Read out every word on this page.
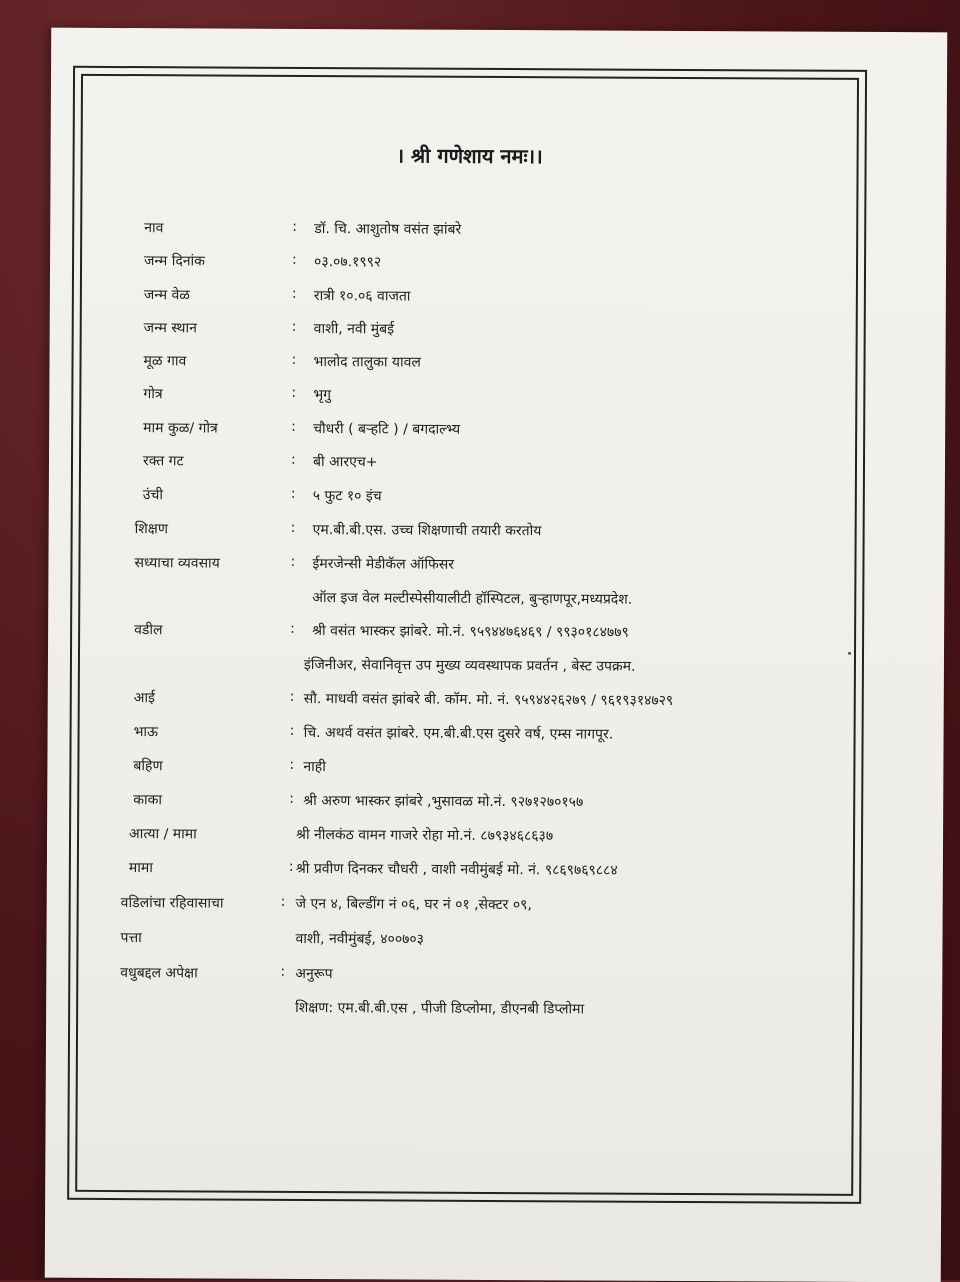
। श्री गणेशाय नमः।।
नाव	: डॉ. चि. आशुतोष वसंत झांबरे
जन्म दिनांक	: ०३.०७.१९९२
जन्म वेळ	: रात्री १०.०६ वाजता
जन्म स्थान	: वाशी, नवी मुंबई
मूळ गाव	: भालोद तालुका यावल
गोत्र	: भृगु
माम कुळ/ गोत्र	: चौधरी ( बऱ्हटि ) / बगदाल्भ्य
रक्त गट	: बी आरएच+
उंची	: ५ फुट १० इंच
शिक्षण	: एम.बी.बी.एस. उच्च शिक्षणाची तयारी करतोय
सध्याचा व्यवसाय	: ईमरजेन्सी मेडीकॅल ऑफिसर
ऑल इज वेल मल्टीस्पेसीयालीटी हॉस्पिटल, बुऱ्हाणपूर,मध्यप्रदेश.
वडील	: श्री वसंत भास्कर झांबरे. मो.नं. ९५९४४७६४६९ / ९९३०१८४७७९
इंजिनीअर, सेवानिवृत्त उप मुख्य व्यवस्थापक प्रवर्तन , बेस्ट उपक्रम.
आई	: सौ. माधवी वसंत झांबरे बी. कॉम. मो. नं. ९५९४४२६२७९ / ९६१९३१४७२९
भाऊ	: चि. अथर्व वसंत झांबरे. एम.बी.बी.एस दुसरे वर्ष, एम्स नागपूर.
बहिण	: नाही
काका	: श्री अरुण भास्कर झांबरे ,भुसावळ मो.नं. ९२७१२७०१५७
आत्या / मामा	श्री नीलकंठ वामन गाजरे रोहा मो.नं. ८७९३४६८६३७
मामा	: श्री प्रवीण दिनकर चौधरी , वाशी नवीमुंबई मो. नं. ९८६९७६९८८४
वडिलांचा रहिवासाचा	: जे एन ४, बिल्डींग नं ०६, घर नं ०१ ,सेक्टर ०९,
पत्ता	वाशी, नवीमुंबई, ४००७०३
वधुबद्दल अपेक्षा	: अनुरूप
शिक्षण: एम.बी.बी.एस , पीजी डिप्लोमा, डीएनबी डिप्लोमा
